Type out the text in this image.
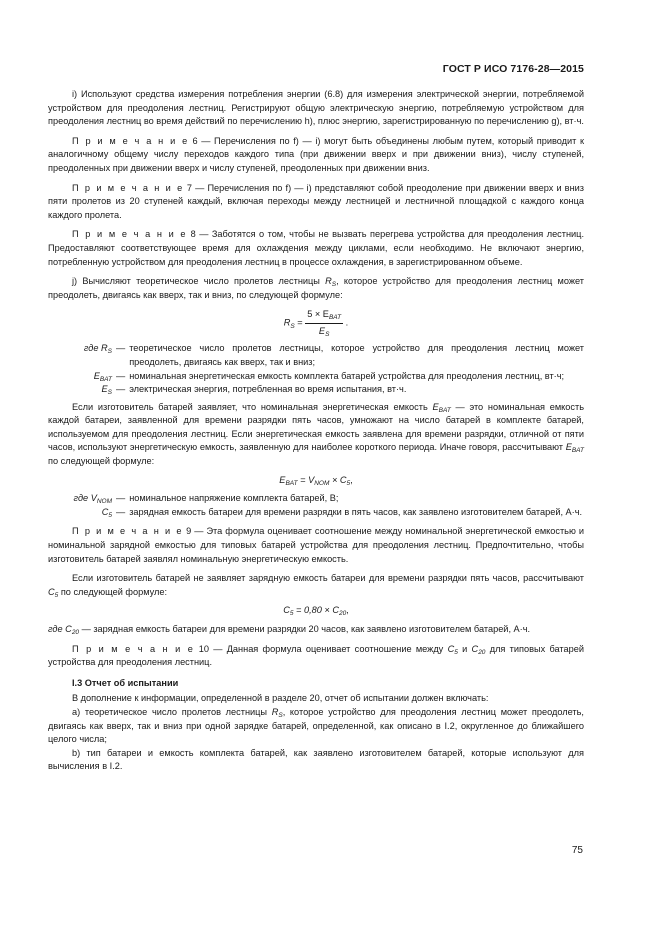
ГОСТ Р ИСО 7176-28—2015

i) Используют средства измерения потребления энергии (6.8) для измерения электрической энергии, потребляемой устройством для преодоления лестниц. Регистрируют общую электрическую энергию, потребляемую устройством для преодоления лестниц во время действий по перечислению h), плюс энергию, зарегистрированную по перечислению g), вт·ч.

П р и м е ч а н и е 6 — Перечисления по f) — i) могут быть объединены любым путем, который приводит к аналогичному общему числу переходов каждого типа (при движении вверх и при движении вниз), числу ступеней, преодоленных при движении вверх и числу ступеней, преодоленных при движении вниз.

П р и м е ч а н и е 7 — Перечисления по f) — i) представляют собой преодоление при движении вверх и вниз пяти пролетов из 20 ступеней каждый, включая переходы между лестницей и лестничной площадкой с каждого конца каждого пролета.

П р и м е ч а н и е 8 — Заботятся о том, чтобы не вызвать перегрева устройства для преодоления лестниц. Предоставляют соответствующее время для охлаждения между циклами, если необходимо. Не включают энергию, потребленную устройством для преодоления лестниц в процессе охлаждения, в зарегистрированном объеме.

j) Вычисляют теоретическое число пролетов лестницы $R_S$, которое устройство для преодоления лестниц может преодолеть, двигаясь как вверх, так и вниз, по следующей формуле:

$R_S = \frac{5 \times E_{BAT}}{E_S}$ .
где $R_S$ — теоретическое число пролетов лестницы, которое устройство для преодоления лестниц может преодолеть, двигаясь как вверх, так и вниз;
$E_{BAT}$ — номинальная энергетическая емкость комплекта батарей устройства для преодоления лестниц, вт·ч;
$E_S$ — электрическая энергия, потребленная во время испытания, вт·ч.

Если изготовитель батарей заявляет, что номинальная энергетическая емкость $E_{BAT}$ — это номинальная емкость каждой батареи, заявленной для времени разрядки пять часов, умножают на число батарей в комплекте батарей, используемом для преодоления лестниц. Если энергетическая емкость заявлена для времени разрядки, отличной от пяти часов, используют энергетическую емкость, заявленную для наиболее короткого периода. Иначе говоря, рассчитывают $E_{BAT}$ по следующей формуле:

$E_{BAT} = V_{NOM} \times C_5$,
где $V_{NOM}$ — номинальное напряжение комплекта батарей, В;
$C_5$ — зарядная емкость батареи для времени разрядки в пять часов, как заявлено изготовителем батарей, А·ч.

П р и м е ч а н и е 9 — Эта формула оценивает соотношение между номинальной энергетической емкостью и номинальной зарядной емкостью для типовых батарей устройства для преодоления лестниц. Предпочтительно, чтобы изготовитель батарей заявлял номинальную энергетическую емкость.

Если изготовитель батарей не заявляет зарядную емкость батареи для времени разрядки пять часов, рассчитывают $C_5$ по следующей формуле:

$C_5 = 0,80 \times C_{20}$,

где $C_{20}$ — зарядная емкость батареи для времени разрядки 20 часов, как заявлено изготовителем батарей, А·ч.

П р и м е ч а н и е 10 — Данная формула оценивает соотношение между $C_5$ и $C_{20}$ для типовых батарей устройства для преодоления лестниц.

I.3 Отчет об испытании

В дополнение к информации, определенной в разделе 20, отчет об испытании должен включать:

a) теоретическое число пролетов лестницы $R_S$, которое устройство для преодоления лестниц может преодолеть, двигаясь как вверх, так и вниз при одной зарядке батарей, определенной, как описано в I.2, округленное до ближайшего целого числа;

b) тип батареи и емкость комплекта батарей, как заявлено изготовителем батарей, которые используют для вычисления в I.2.

75
